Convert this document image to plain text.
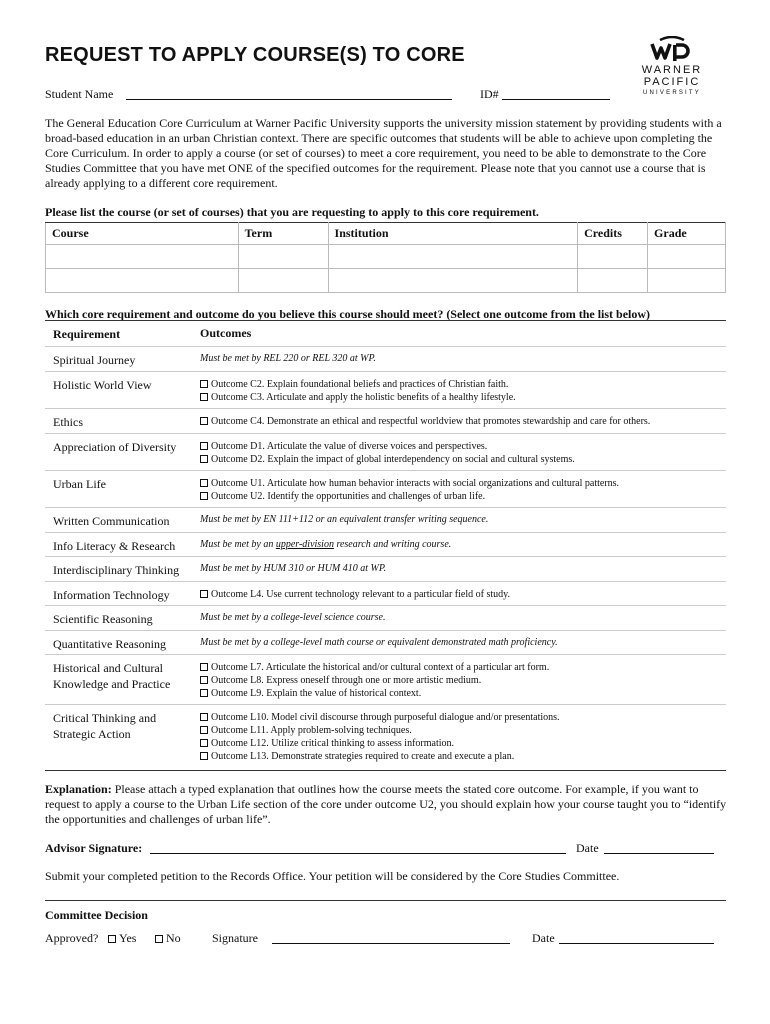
REQUEST TO APPLY COURSE(S) TO CORE
WARNER
PACIFIC
UNIVERSITY
Student Name	ID#
The General Education Core Curriculum at Warner Pacific University supports the university mission statement by providing students with a broad-based education in an urban Christian context. There are specific outcomes that students will be able to achieve upon completing the Core Curriculum. In order to apply a course (or set of courses) to meet a core requirement, you need to be able to demonstrate to the Core Studies Committee that you have met ONE of the specified outcomes for the requirement. Please note that you cannot use a course that is already applying to a different core requirement.
Please list the course (or set of courses) that you are requesting to apply to this core requirement.
Course	Term	Institution	Credits	Grade

Which core requirement and outcome do you believe this course should meet? (Select one outcome from the list below)
Requirement	Outcomes
Spiritual Journey	Must be met by REL 220 or REL 320 at WP.
Holistic World View	Outcome C2. Explain foundational beliefs and practices of Christian faith.
Outcome C3. Articulate and apply the holistic benefits of a healthy lifestyle.
Ethics	Outcome C4. Demonstrate an ethical and respectful worldview that promotes stewardship and care for others.
Appreciation of Diversity	Outcome D1. Articulate the value of diverse voices and perspectives.
Outcome D2. Explain the impact of global interdependency on social and cultural systems.
Urban Life	Outcome U1. Articulate how human behavior interacts with social organizations and cultural patterns.
Outcome U2. Identify the opportunities and challenges of urban life.
Written Communication	Must be met by EN 111+112 or an equivalent transfer writing sequence.
Info Literacy & Research Must be met by an upper-division research and writing course.
Interdisciplinary Thinking Must be met by HUM 310 or HUM 410 at WP.
Information Technology	Outcome L4. Use current technology relevant to a particular field of study.
Scientific Reasoning	Must be met by a college-level science course.
Quantitative Reasoning	Must be met by a college-level math course or equivalent demonstrated math proficiency.
Historical and Cultural
Knowledge and Practice
Outcome L7. Articulate the historical and/or cultural context of a particular art form.
Outcome L8. Express oneself through one or more artistic medium.
Outcome L9. Explain the value of historical context.
Critical Thinking and
Strategic Action
Outcome L10. Model civil discourse through purposeful dialogue and/or presentations.
Outcome L11. Apply problem-solving techniques.
Outcome L12. Utilize critical thinking to assess information.
Outcome L13. Demonstrate strategies required to create and execute a plan.
Explanation: Please attach a typed explanation that outlines how the course meets the stated core outcome. For example, if you want to request to apply a course to the Urban Life section of the core under outcome U2, you should explain how your course taught you to “identify the opportunities and challenges of urban life”.
Advisor Signature:	Date
Submit your completed petition to the Records Office. Your petition will be considered by the Core Studies Committee.
Committee Decision
Approved?	Yes	No	Signature	Date
